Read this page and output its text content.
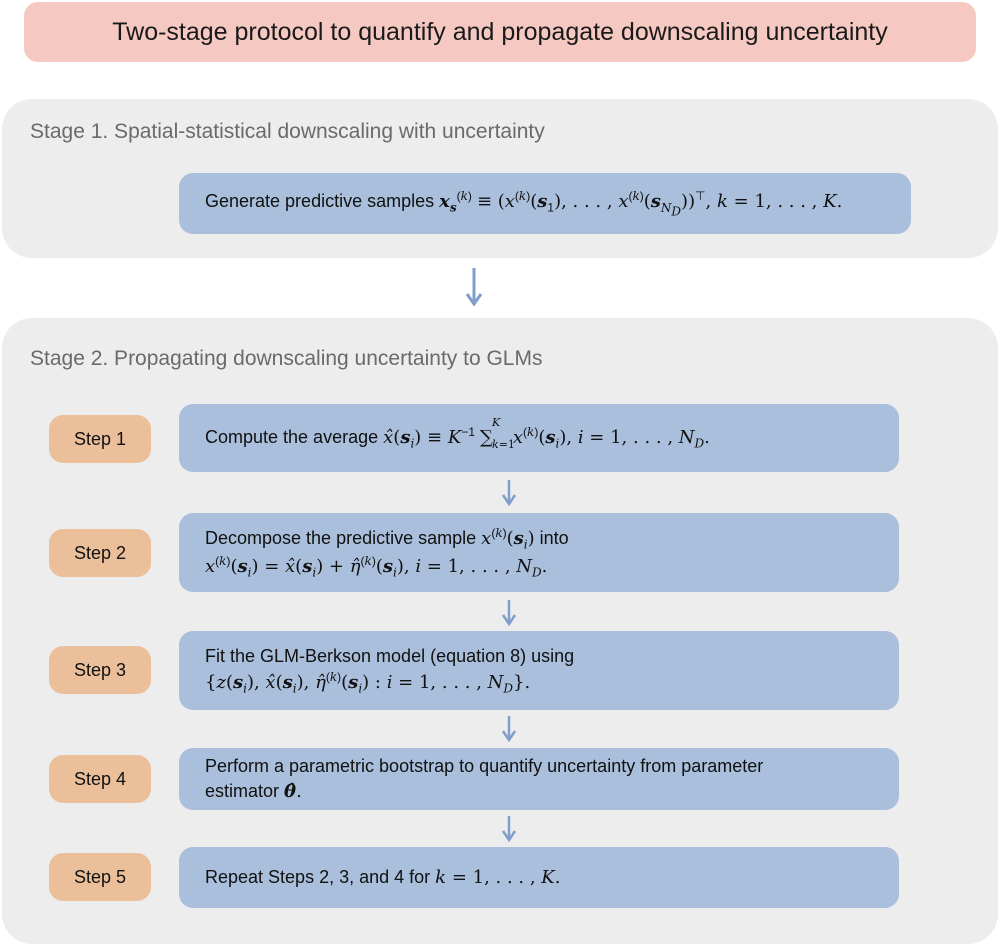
Two-stage protocol to quantify and propagate downscaling uncertainty
Stage 1. Spatial-statistical downscaling with uncertainty
Generate predictive samples $x_s^{(k)} \equiv (x^{(k)}(s_1)$, . . . , $x^{(k)}(s_{N_D}))^⊤$, k = 1, . . . , K.
Stage 2. Propagating downscaling uncertainty to GLMs
Step 1	Compute the average $x̂(s_i) \equiv K^{-1}$ ∑ k=1
K
$x^{(k)}(s_i)$, i = 1, . . . , $N_D$.
Step 2
Decompose the predictive sample $x^{(k)}(s_i)$ into
$x^{(k)}(s_i)$ = $x̂(s_i)$ + $\etâ^{(k)}(s_i)$, i = 1, . . . , $N_D$.
Step 3
Fit the GLM-Berkson model (equation 8) using
{$z(s_i)$, $x̂(s_i)$, $\etâ^{(k)}(s_i)$ : i = 1, . . . , $N_D$}.
Step 4
Perform a parametric bootstrap to quantify uncertainty from parameter
estimator θ̂.
Step 5	Repeat Steps 2, 3, and 4 for k = 1, . . . , K.
